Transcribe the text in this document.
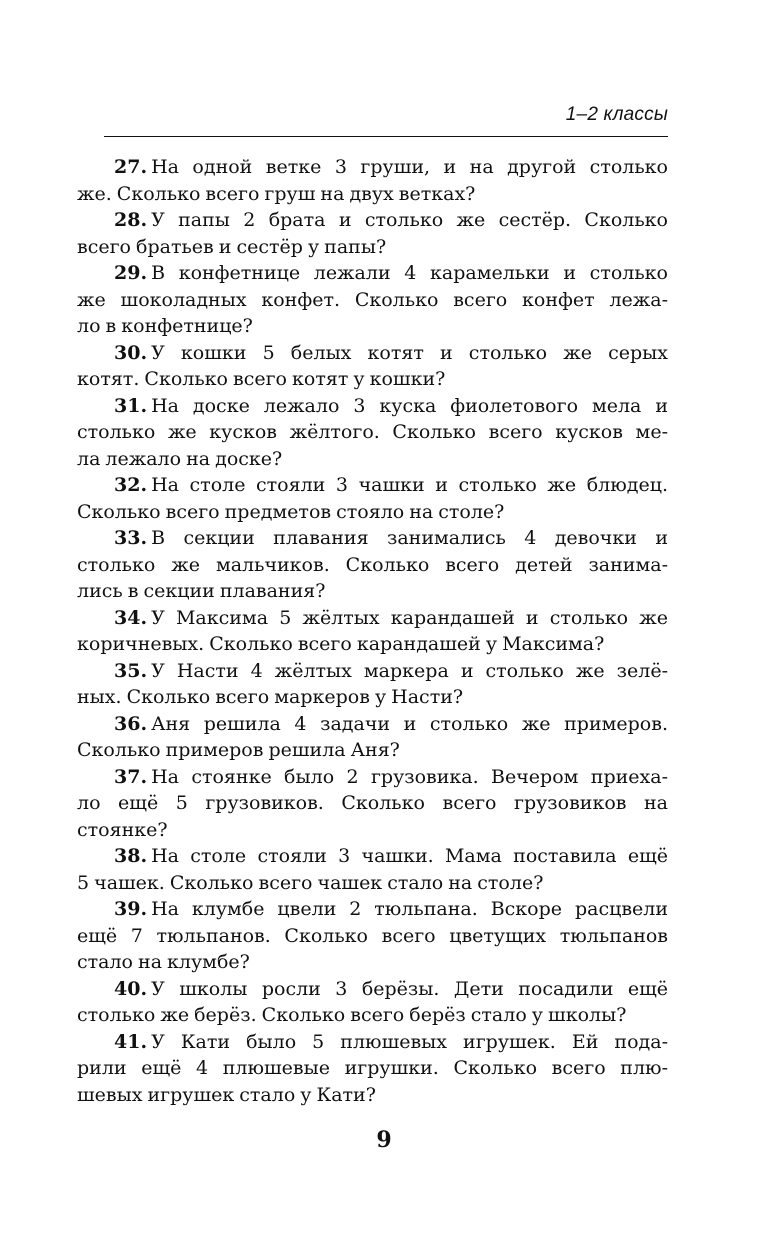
1–2 классы
27. На одной ветке 3 груши, и на другой столько
же. Сколько всего груш на двух ветках?
28. У папы 2 брата и столько же сестёр. Сколько
всего братьев и сестёр у папы?
29. В конфетнице лежали 4 карамельки и столько
же шоколадных конфет. Сколько всего конфет лежа-
ло в конфетнице?
30. У кошки 5 белых котят и столько же серых
котят. Сколько всего котят у кошки?
31. На доске лежало 3 куска фиолетового мела и
столько же кусков жёлтого. Сколько всего кусков ме-
ла лежало на доске?
32. На столе стояли 3 чашки и столько же блюдец.
Сколько всего предметов стояло на столе?
33. В секции плавания занимались 4 девочки и
столько же мальчиков. Сколько всего детей занима-
лись в секции плавания?
34. У Максима 5 жёлтых карандашей и столько же
коричневых. Сколько всего карандашей у Максима?
35. У Насти 4 жёлтых маркера и столько же зелё-
ных. Сколько всего маркеров у Насти?
36. Аня решила 4 задачи и столько же примеров.
Сколько примеров решила Аня?
37. На стоянке было 2 грузовика. Вечером приеха-
ло ещё 5 грузовиков. Сколько всего грузовиков на
стоянке?
38. На столе стояли 3 чашки. Мама поставила ещё
5 чашек. Сколько всего чашек стало на столе?
39. На клумбе цвели 2 тюльпана. Вскоре расцвели
ещё 7 тюльпанов. Сколько всего цветущих тюльпанов
стало на клумбе?
40. У школы росли 3 берёзы. Дети посадили ещё
столько же берёз. Сколько всего берёз стало у школы?
41. У Кати было 5 плюшевых игрушек. Ей пода-
рили ещё 4 плюшевые игрушки. Сколько всего плю-
шевых игрушек стало у Кати?
9
